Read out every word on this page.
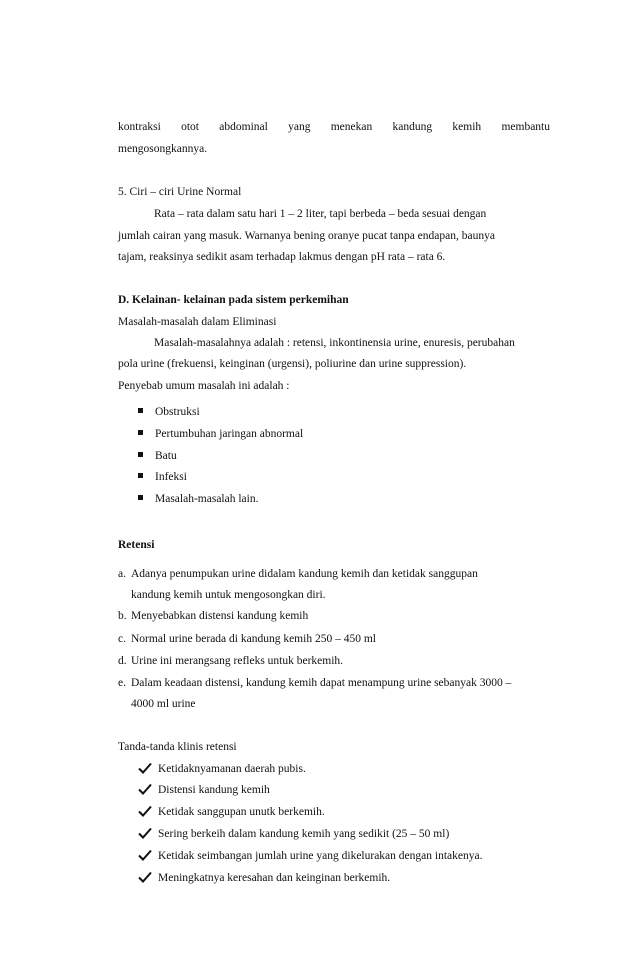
kontraksi otot abdominal yang menekan kandung kemih membantu
mengosongkannya.
5. Ciri – ciri Urine Normal
Rata – rata dalam satu hari 1 – 2 liter, tapi berbeda – beda sesuai dengan
jumlah cairan yang masuk. Warnanya bening oranye pucat tanpa endapan, baunya
tajam, reaksinya sedikit asam terhadap lakmus dengan pH rata – rata 6.
D. Kelainan- kelainan pada sistem perkemihan
Masalah-masalah dalam Eliminasi
Masalah-masalahnya adalah : retensi, inkontinensia urine, enuresis, perubahan
pola urine (frekuensi, keinginan (urgensi), poliurine dan urine suppression).
Penyebab umum masalah ini adalah :
Obstruksi
Pertumbuhan jaringan abnormal
Batu
Infeksi
Masalah-masalah lain.
Retensi
a. Adanya penumpukan urine didalam kandung kemih dan ketidak sanggupan
kandung kemih untuk mengosongkan diri.
b. Menyebabkan distensi kandung kemih
c. Normal urine berada di kandung kemih 250 – 450 ml
d. Urine ini merangsang refleks untuk berkemih.
e. Dalam keadaan distensi, kandung kemih dapat menampung urine sebanyak 3000 –
4000 ml urine
Tanda-tanda klinis retensi
Ketidaknyamanan daerah pubis.
Distensi kandung kemih
Ketidak sanggupan unutk berkemih.
Sering berkeih dalam kandung kemih yang sedikit (25 – 50 ml)
Ketidak seimbangan jumlah urine yang dikelurakan dengan intakenya.
Meningkatnya keresahan dan keinginan berkemih.
